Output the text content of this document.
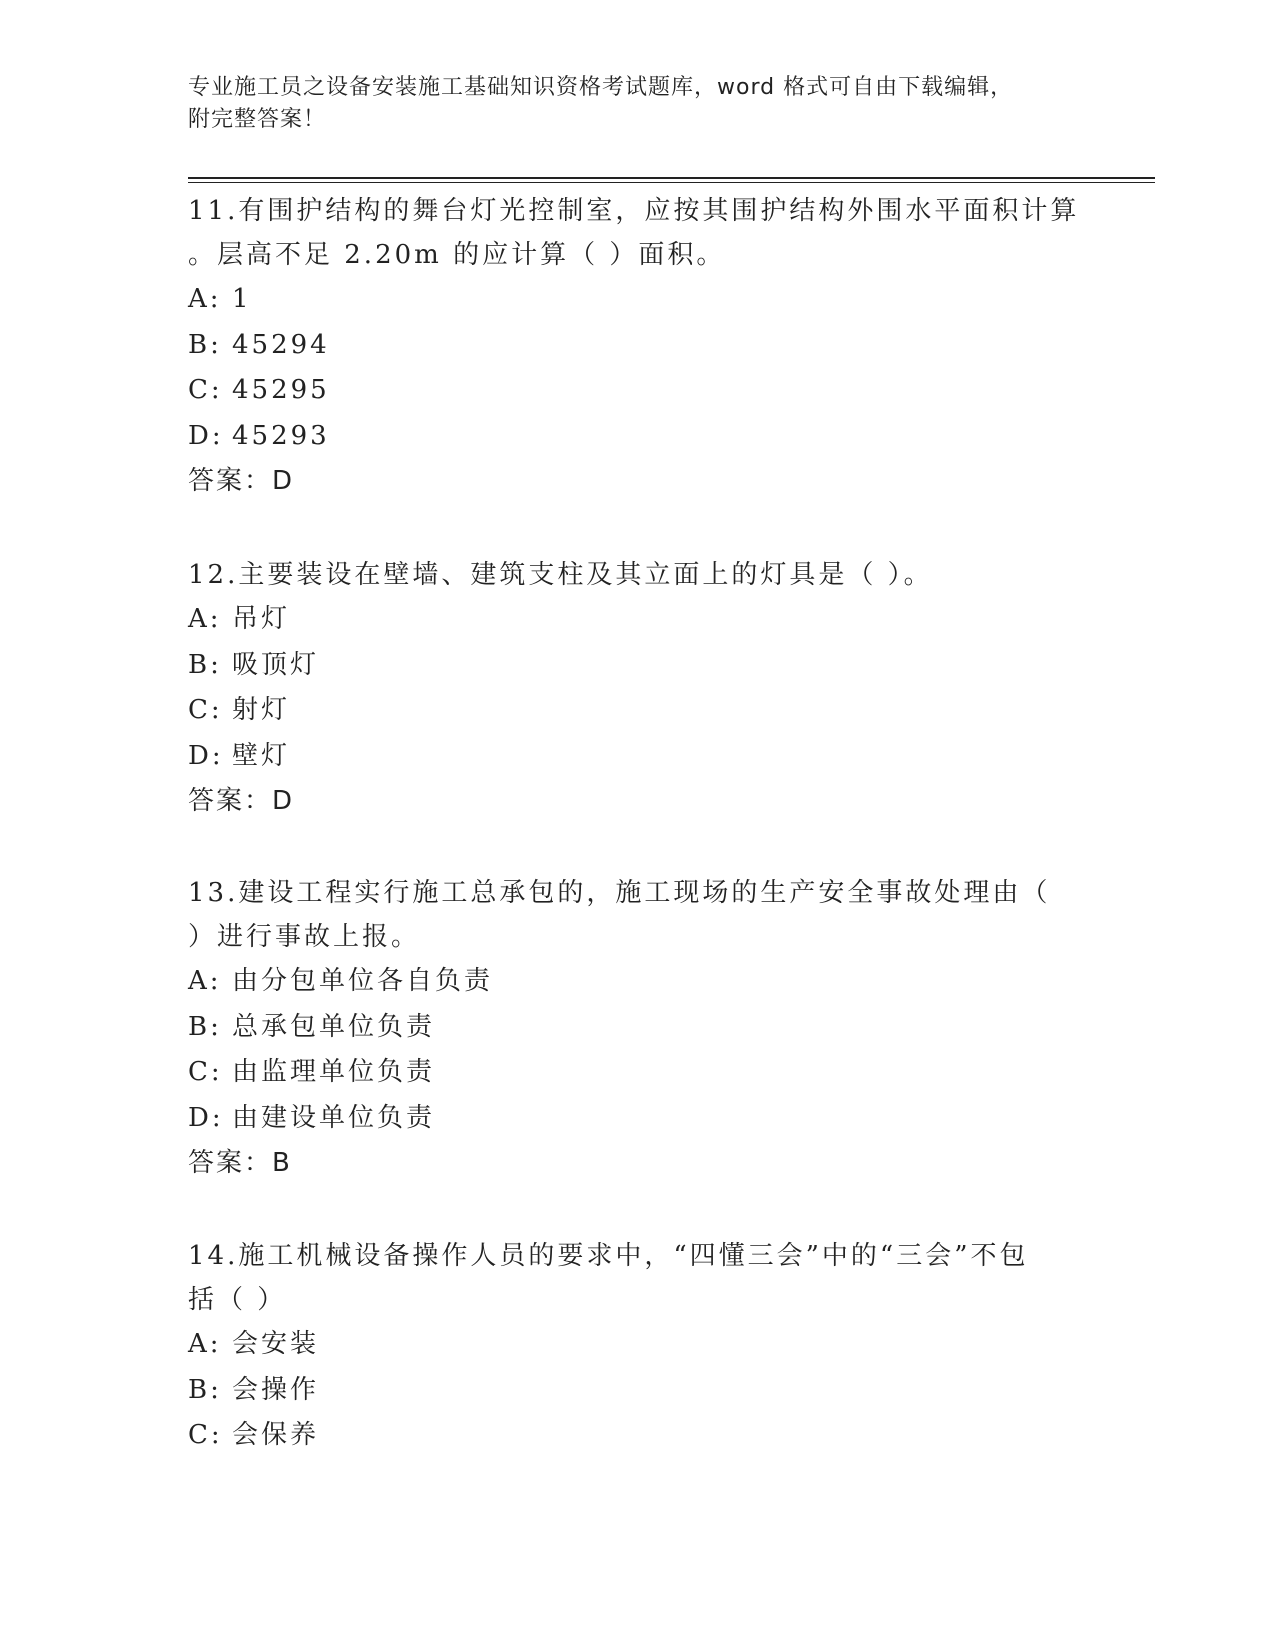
专业施工员之设备安装施工基础知识资格考试题库，word 格式可自由下载编辑，
附完整答案！

11.有围护结构的舞台灯光控制室，应按其围护结构外围水平面积计算

。层高不足 2.20m 的应计算（ ）面积。

A: 1

B: 45294

C: 45295

D: 45293

答案：D

12.主要装设在壁墙、建筑支柱及其立面上的灯具是（ ）。

A: 吊灯

B: 吸顶灯

C: 射灯

D: 壁灯

答案：D

13.建设工程实行施工总承包的，施工现场的生产安全事故处理由（

）进行事故上报。

A: 由分包单位各自负责

B: 总承包单位负责

C: 由监理单位负责

D: 由建设单位负责

答案：B

14.施工机械设备操作人员的要求中，“四懂三会”中的“三会”不包

括（ ）

A: 会安装

B: 会操作

C: 会保养
